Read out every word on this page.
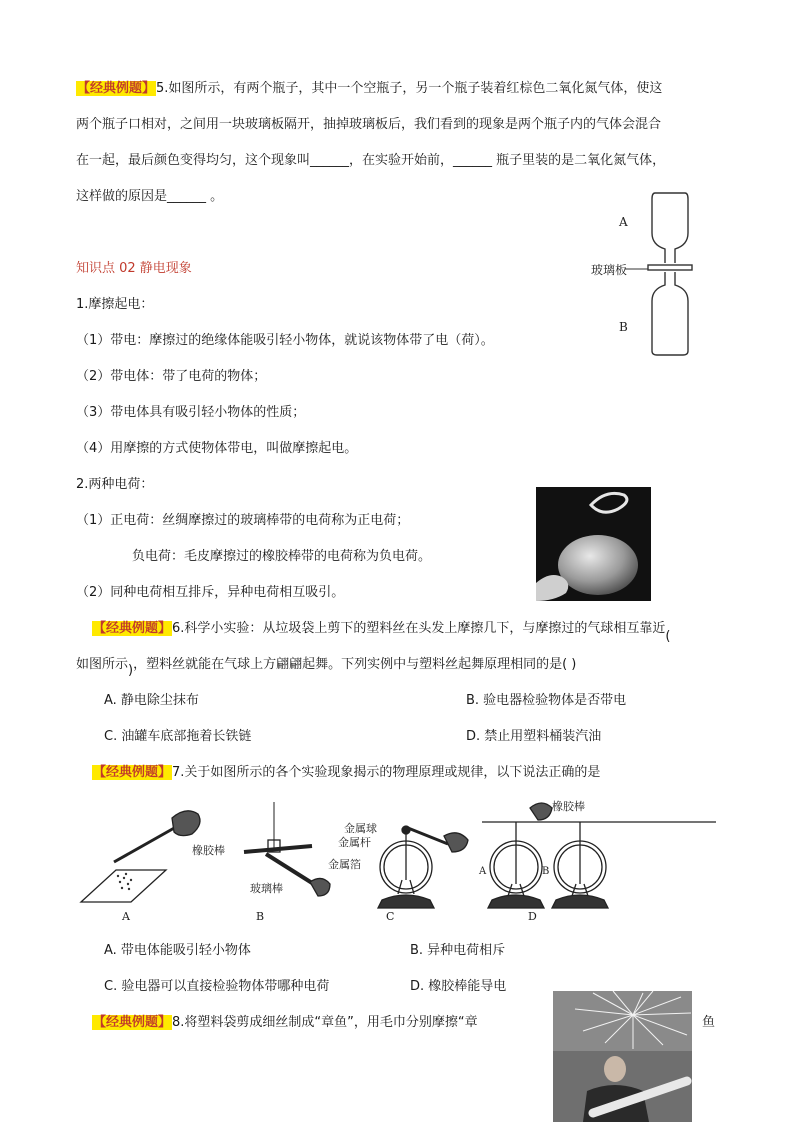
【经典例题】5.如图所示，有两个瓶子，其中一个空瓶子，另一个瓶子装着红棕色二氧化氮气体，使这
两个瓶子口相对，之间用一块玻璃板隔开，抽掉玻璃板后，我们看到的现象是两个瓶子内的气体会混合
在一起，最后颜色变得均匀，这个现象叫______，在实验开始前，______ 瓶子里装的是二氧化氮气体，
这样做的原因是______ 。
A
玻璃板
B
知识点 02 静电现象
1.摩擦起电：
（1）带电：摩擦过的绝缘体能吸引轻小物体，就说该物体带了电（荷）。
（2）带电体：带了电荷的物体；
（3）带电体具有吸引轻小物体的性质；
（4）用摩擦的方式使物体带电，叫做摩擦起电。
2.两种电荷：
（1）正电荷：丝绸摩擦过的玻璃棒带的电荷称为正电荷；
负电荷：毛皮摩擦过的橡胶棒带的电荷称为负电荷。
（2）同种电荷相互排斥，异种电荷相互吸引。
【经典例题】6.科学小实验：从垃圾袋上剪下的塑料丝在头发上摩擦几下，与摩擦过的气球相互靠近(
如图所示)，塑料丝就能在气球上方翩翩起舞。下列实例中与塑料丝起舞原理相同的是( )
A. 静电除尘抹布	B. 验电器检验物体是否带电
C. 油罐车底部拖着长铁链	D. 禁止用塑料桶装汽油
【经典例题】7.关于如图所示的各个实验现象揭示的物理原理或规律，以下说法正确的是
A
橡胶棒
玻璃棒
B
金属球
金属杆
金属箔
C
橡胶棒
A	B
D
A. 带电体能吸引轻小物体	B. 异种电荷相斥
C. 验电器可以直接检验物体带哪种电荷	D. 橡胶棒能导电
【经典例题】8.将塑料袋剪成细丝制成“章鱼”，用毛巾分别摩擦“章	鱼
